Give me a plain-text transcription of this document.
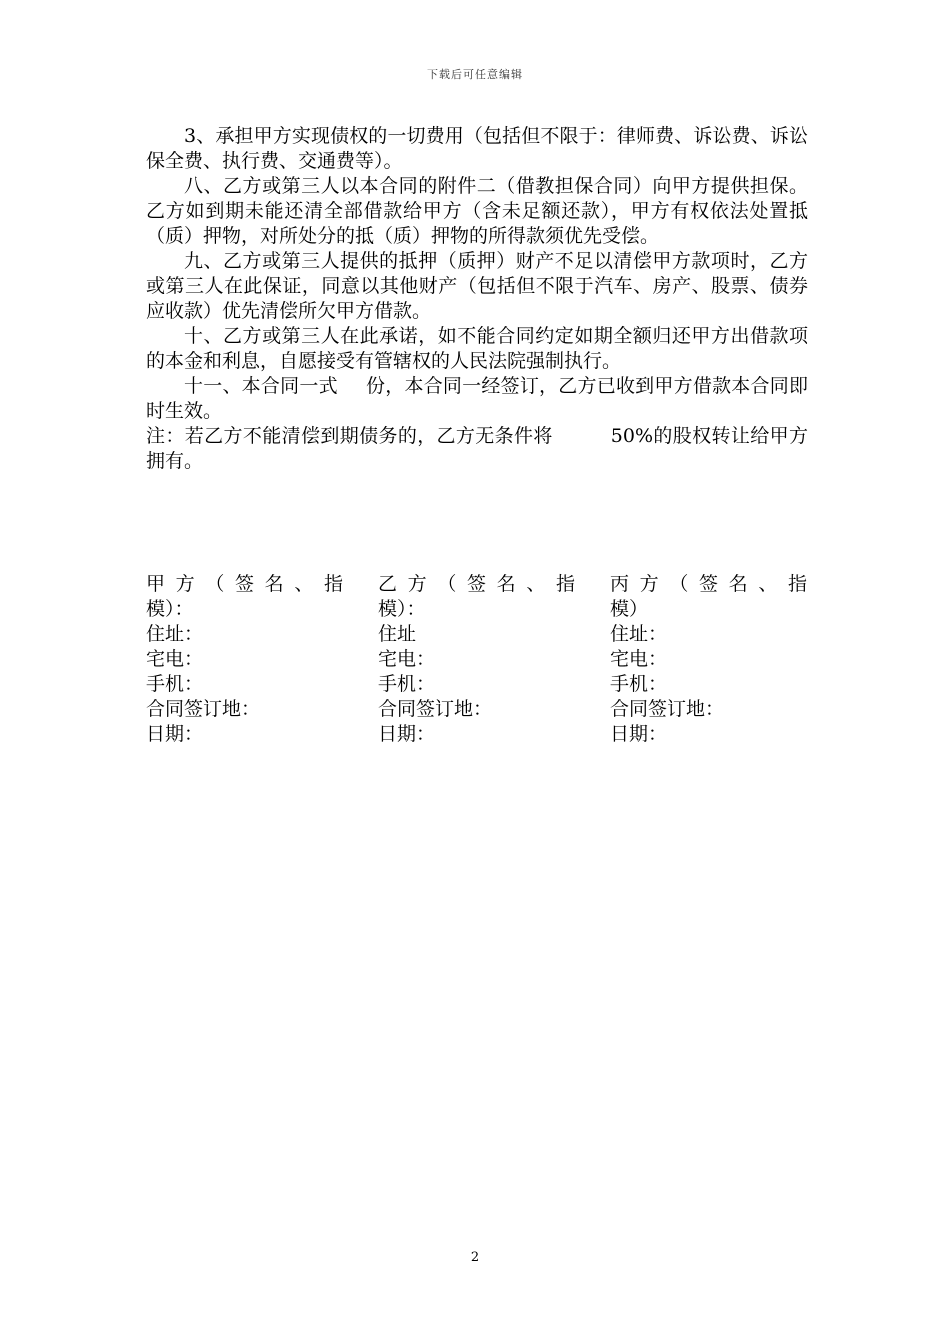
下载后可任意编辑

3、承担甲方实现债权的一切费用（包括但不限于：律师费、诉讼费、诉讼保全费、执行费、交通费等）。

八、乙方或第三人以本合同的附件二（借教担保合同）向甲方提供担保。乙方如到期未能还清全部借款给甲方（含未足额还款），甲方有权依法处置抵（质）押物，对所处分的抵（质）押物的所得款须优先受偿。

九、乙方或第三人提供的抵押（质押）财产不足以清偿甲方款项时，乙方或第三人在此保证，同意以其他财产（包括但不限于汽车、房产、股票、债券应收款）优先清偿所欠甲方借款。

十、乙方或第三人在此承诺，如不能合同约定如期全额归还甲方出借款项的本金和利息，自愿接受有管辖权的人民法院强制执行。

十一、本合同一式 份，本合同一经签订，乙方已收到甲方借款本合同即时生效。

注：若乙方不能清偿到期债务的，乙方无条件将	50%的股权转让给甲方拥有。

甲方（签名、指
模）：
住址：
宅电：
手机：
合同签订地：
日期：
乙方（签名、指
模）：
住址
宅电：
手机：
合同签订地：
日期：
丙方（签名、指
模）
住址：
宅电：
手机：
合同签订地：
日期：
2
